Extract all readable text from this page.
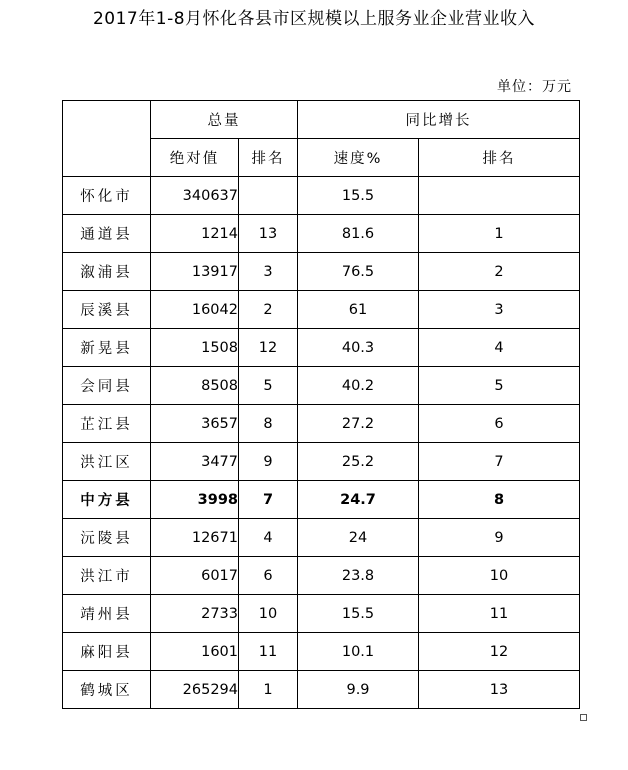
2017年1-8月怀化各县市区规模以上服务业企业营业收入
单位：万元
	总量		同比增长	
	绝对值	排名	速度%	排名
怀化市	340637		15.5	
通道县	1214	13	81.6	1
溆浦县	13917	3	76.5	2
辰溪县	16042	2	61	3
新晃县	1508	12	40.3	4
会同县	8508	5	40.2	5
芷江县	3657	8	27.2	6
洪江区	3477	9	25.2	7
中方县	3998	7	24.7	8
沅陵县	12671	4	24	9
洪江市	6017	6	23.8	10
靖州县	2733	10	15.5	11
麻阳县	1601	11	10.1	12
鹤城区	265294	1	9.9	13
